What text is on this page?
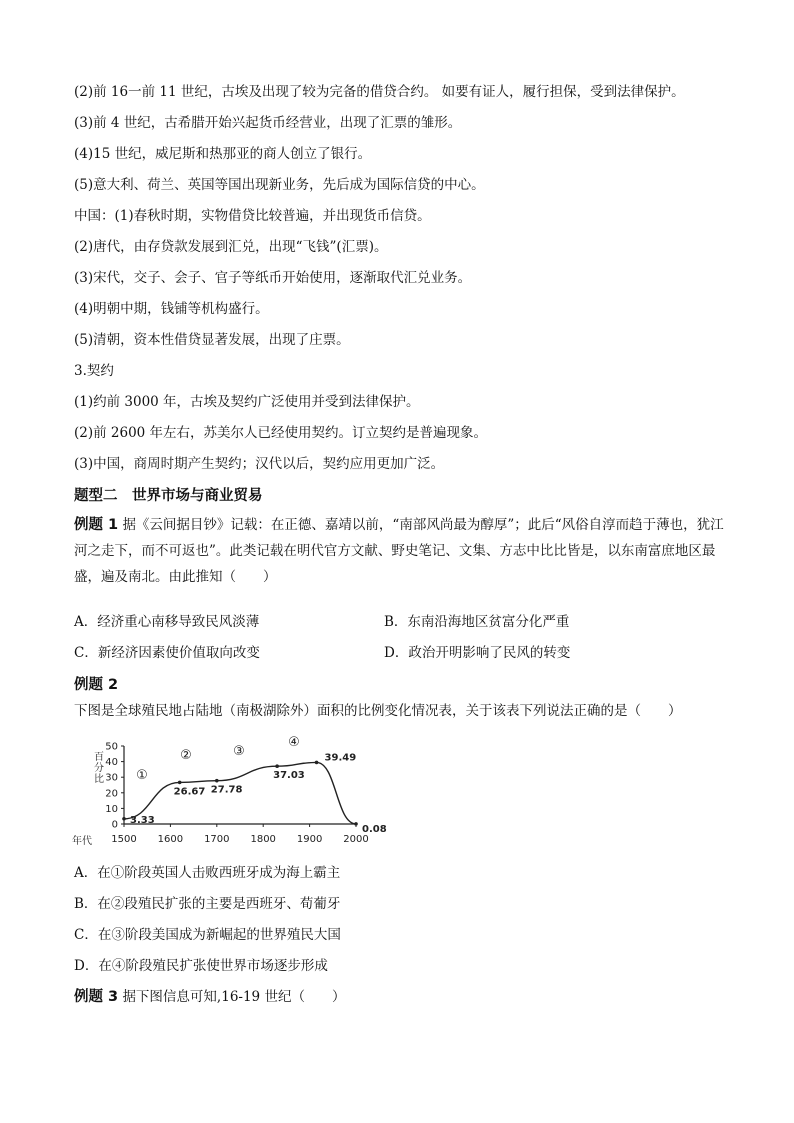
(2)前 16一前 11 世纪，古埃及出现了较为完备的借贷合约。 如要有证人，履行担保，受到法律保护。
(3)前 4 世纪，古希腊开始兴起货币经营业，出现了汇票的雏形。
(4)15 世纪，威尼斯和热那亚的商人创立了银行。
(5)意大利、荷兰、英国等国出现新业务，先后成为国际信贷的中心。
中国：(1)春秋时期，实物借贷比较普遍，并出现货币信贷。
(2)唐代，由存贷款发展到汇兑，出现“飞钱”(汇票)。
(3)宋代，交子、会子、官子等纸币开始使用，逐渐取代汇兑业务。
(4)明朝中期，钱铺等机构盛行。
(5)清朝，资本性借贷显著发展，出现了庄票。
3.契约
(1)约前 3000 年，古埃及契约广泛使用并受到法律保护。
(2)前 2600 年左右，苏美尔人已经使用契约。订立契约是普遍现象。
(3)中国，商周时期产生契约；汉代以后，契约应用更加广泛。
题型二　世界市场与商业贸易
例题 1 据《云间据目钞》记载：在正德、嘉靖以前，“南部风尚最为醇厚”；此后“风俗自淳而趋于薄也，犹江河之走下，而不可返也”。此类记载在明代官方文献、野史笔记、文集、方志中比比皆是，以东南富庶地区最盛，遍及南北。由此推知（　　）
A．经济重心南移导致民风淡薄	B．东南沿海地区贫富分化严重
C．新经济因素使价值取向改变	D．政治开明影响了民风的转变
例题 2 下图是全球殖民地占陆地（南极湖除外）面积的比例变化情况表，关于该表下列说法正确的是（　　）
百分比
年代
0
10
20
30
40
50
1500 1600 1700 1800 1900 2000
3.33
26.67 27.78
37.03
39.49
0.08
①
②	③
④
A．在①阶段英国人击败西班牙成为海上霸主
B．在②段殖民扩张的主要是西班牙、荀葡牙
C．在③阶段美国成为新崛起的世界殖民大国
D．在④阶段殖民扩张使世界市场逐步形成
例题 3 据下图信息可知,16-19 世纪（　　）
